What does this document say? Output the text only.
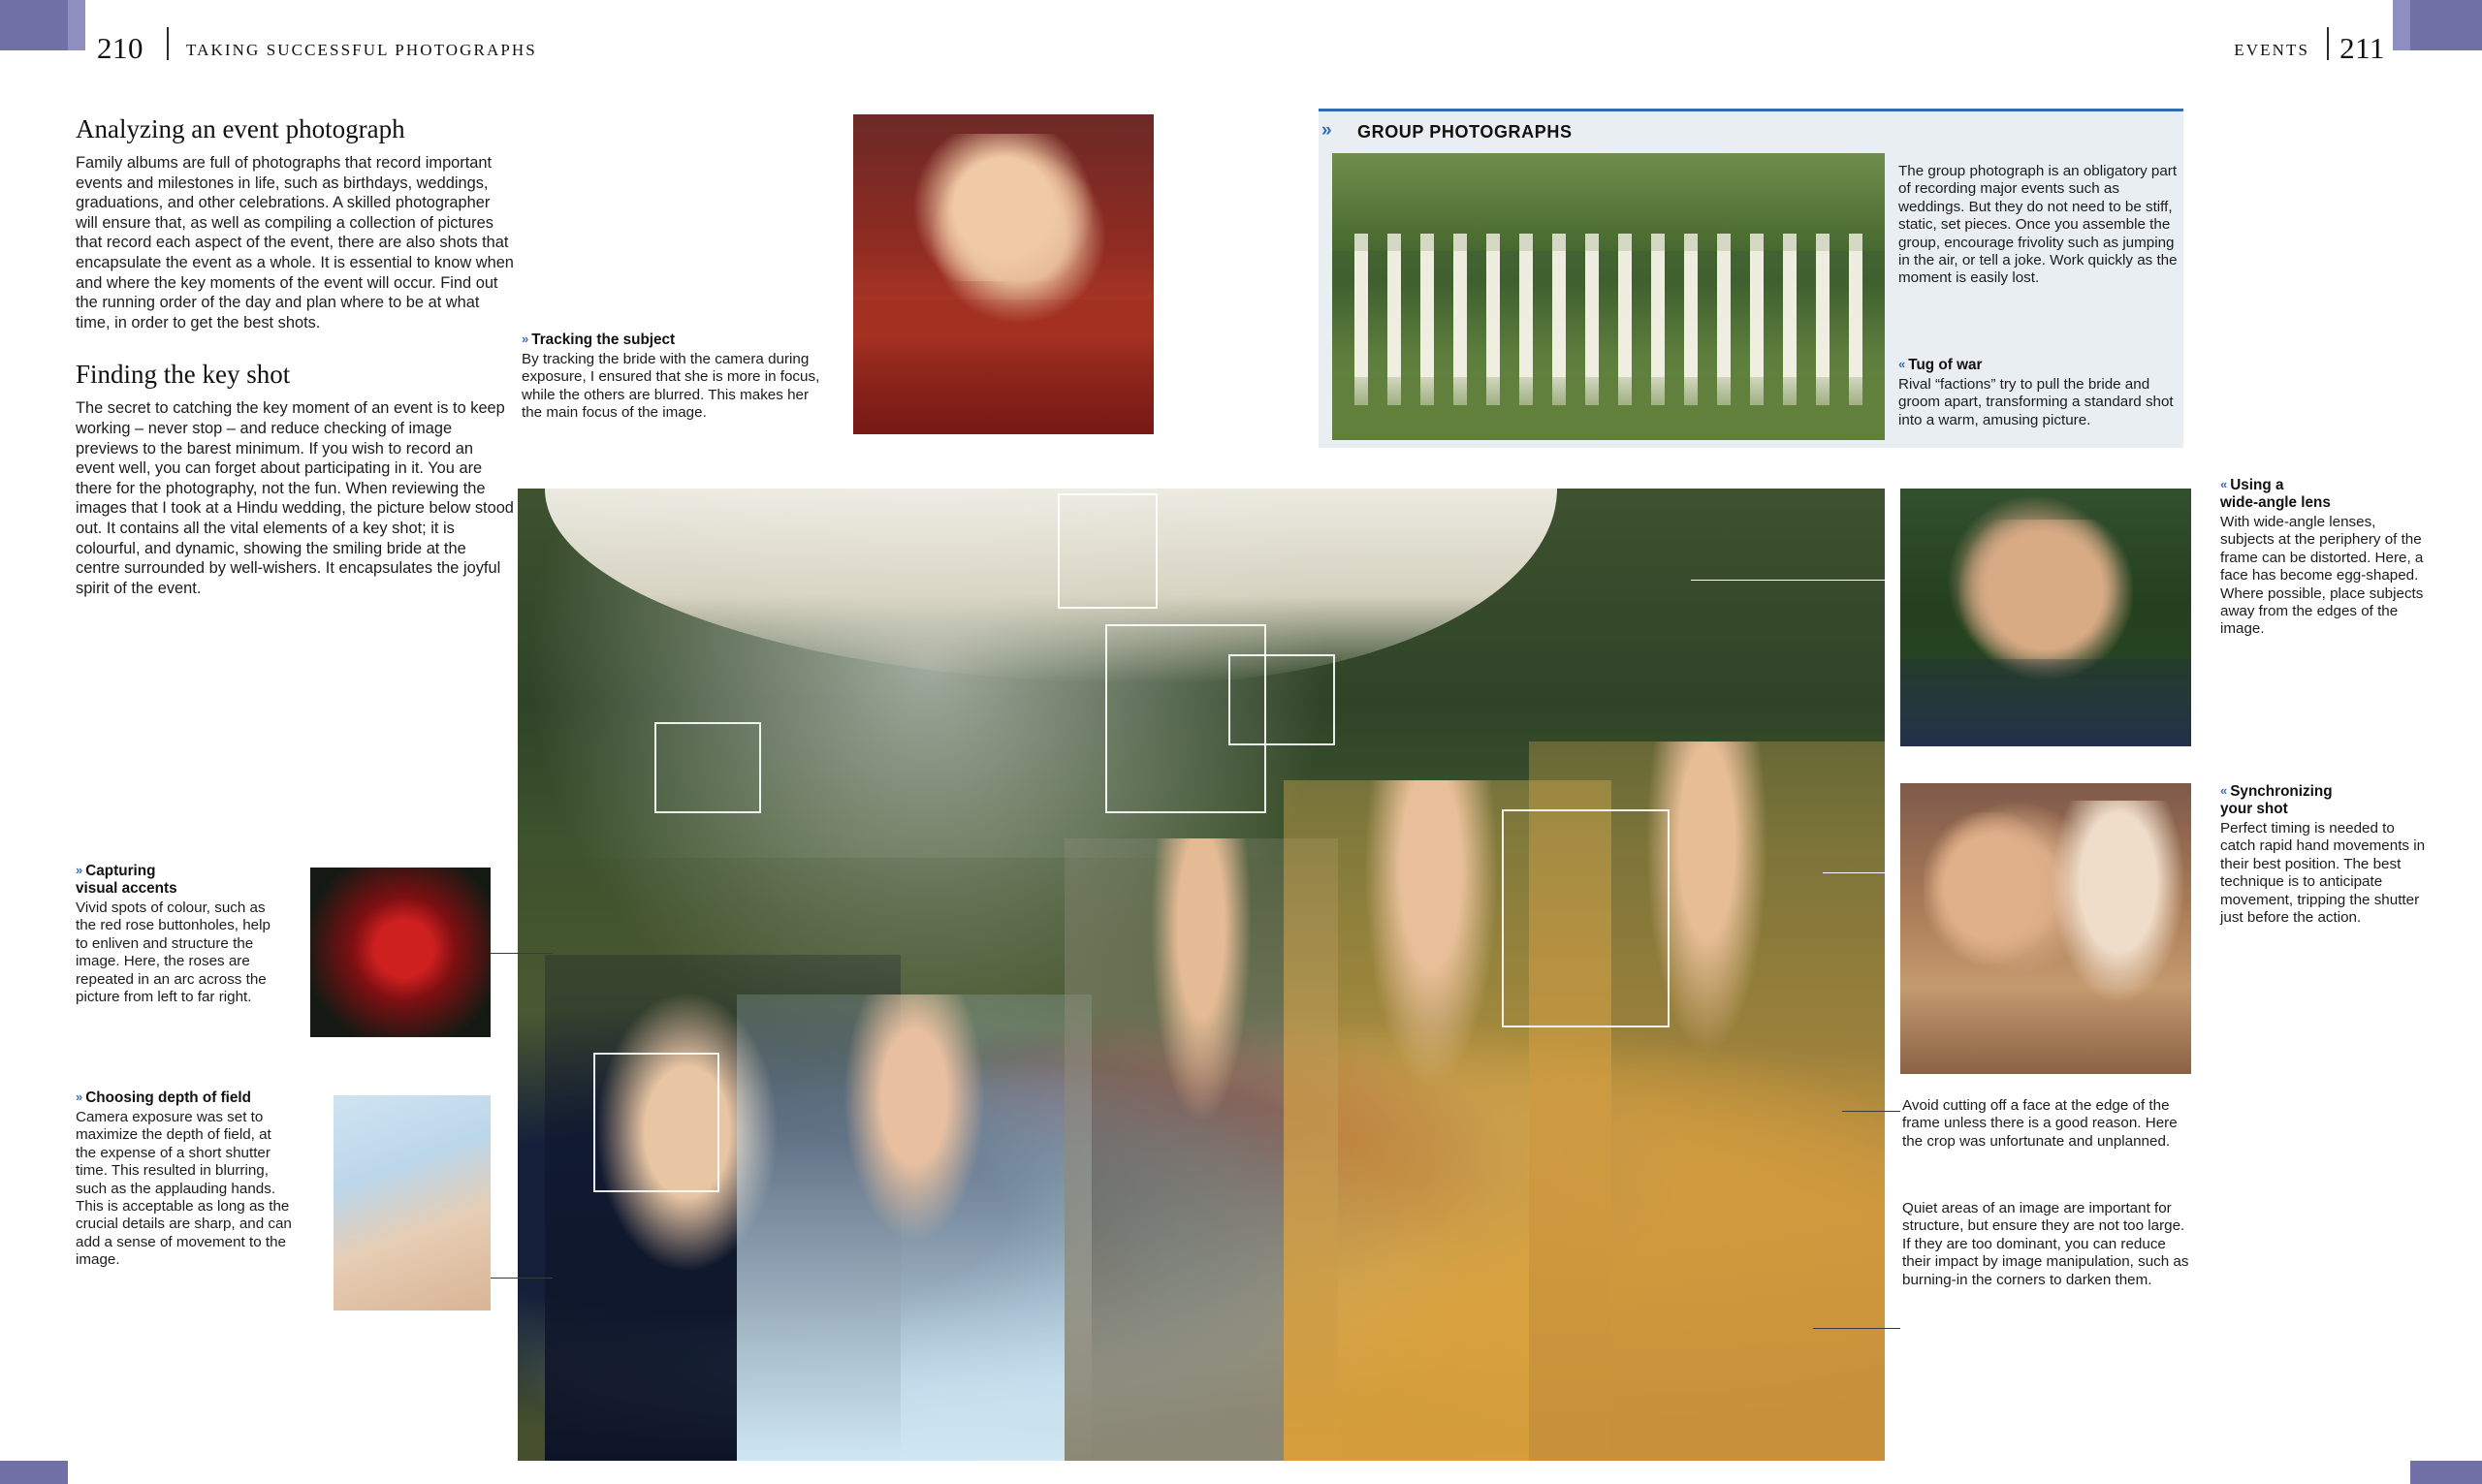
210	TAKING SUCCESSFUL PHOTOGRAPHS	EVENTS 211
Analyzing an event photograph

Family albums are full of photographs that record important events and milestones in life, such as birthdays, weddings, graduations, and other celebrations. A skilled photographer will ensure that, as well as compiling a collection of pictures that record each aspect of the event, there are also shots that encapsulate the event as a whole. It is essential to know when and where the key moments of the event will occur. Find out the running order of the day and plan where to be at what time, in order to get the best shots.

Finding the key shot

The secret to catching the key moment of an event is to keep working – never stop – and reduce checking of image previews to the barest minimum. If you wish to record an event well, you can forget about participating in it. You are there for the photography, not the fun. When reviewing the images that I took at a Hindu wedding, the picture below stood out. It contains all the vital elements of a key shot; it is colourful, and dynamic, showing the smiling bride at the centre surrounded by well-wishers. It encapsulates the joyful spirit of the event.

» Tracking the subject

By tracking the bride with the camera during exposure, I ensured that she is more in focus, while the others are blurred. This makes her the main focus of the image.

» GROUP PHOTOGRAPHS

The group photograph is an obligatory part of recording major events such as weddings. But they do not need to be stiff, static, set pieces. Once you assemble the group, encourage frivolity such as jumping in the air, or tell a joke. Work quickly as the moment is easily lost.

« Tug of war

Rival “factions” try to pull the bride and groom apart, transforming a standard shot into a warm, amusing picture.

» Capturing
visual accents

Vivid spots of colour, such as the red rose buttonholes, help to enliven and structure the image. Here, the roses are repeated in an arc across the picture from left to far right.

» Choosing depth of field

Camera exposure was set to maximize the depth of field, at the expense of a short shutter time. This resulted in blurring, such as the applauding hands. This is acceptable as long as the crucial details are sharp, and can add a sense of movement to the image.

« Using a
wide-angle lens

With wide-angle lenses, subjects at the periphery of the frame can be distorted. Here, a face has become egg-shaped. Where possible, place subjects away from the edges of the image.

« Synchronizing
your shot

Perfect timing is needed to catch rapid hand movements in their best position. The best technique is to anticipate movement, tripping the shutter just before the action.

Avoid cutting off a face at the edge of the frame unless there is a good reason. Here the crop was unfortunate and unplanned.

Quiet areas of an image are important for structure, but ensure they are not too large. If they are too dominant, you can reduce their impact by image manipulation, such as burning-in the corners to darken them.
